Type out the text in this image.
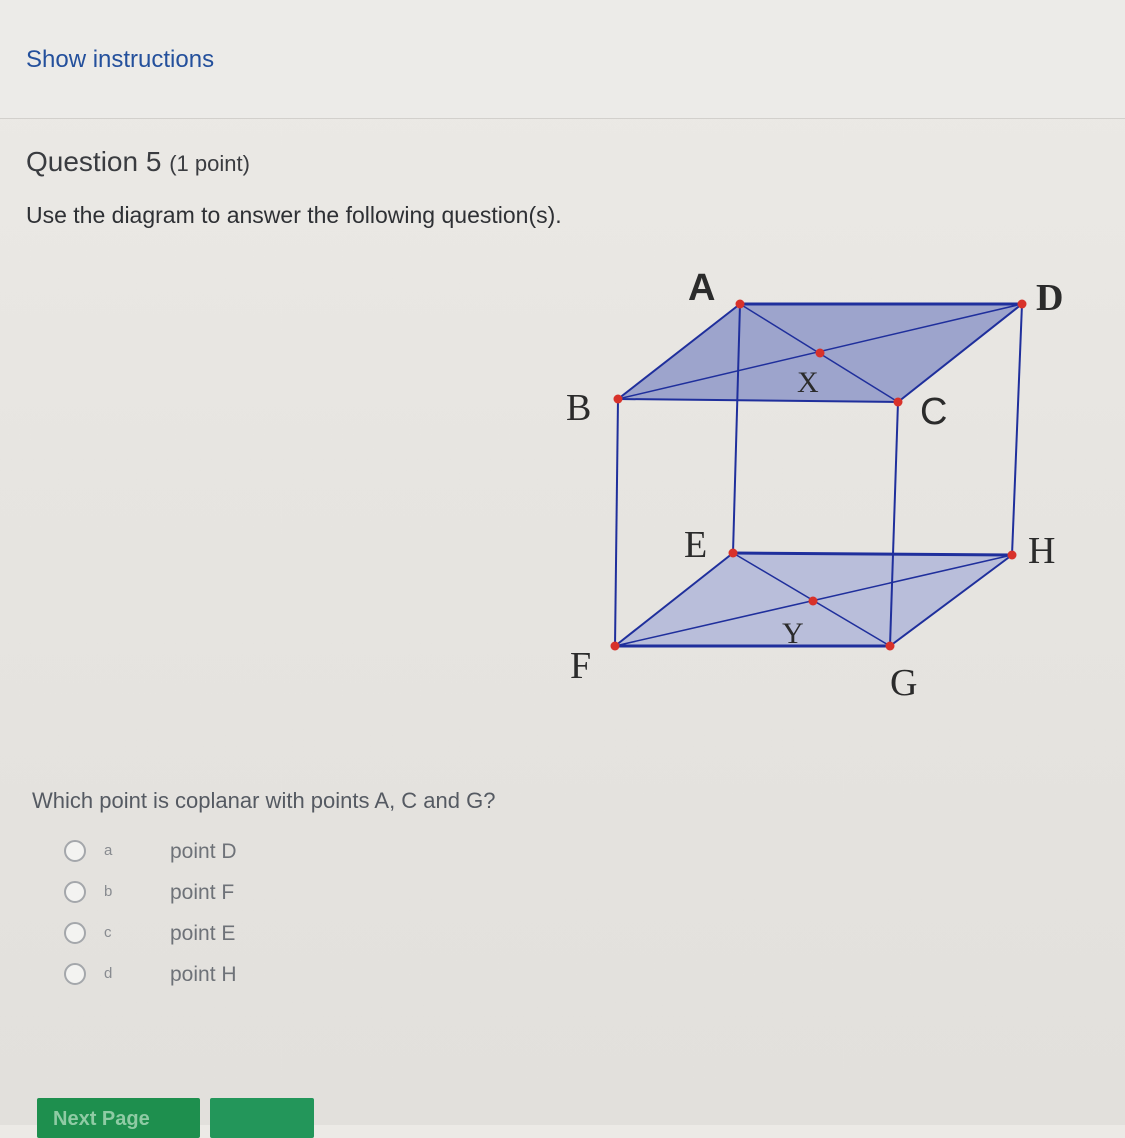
Show instructions
Question 5 (1 point)
Use the diagram to answer the following question(s).
A	D
B	C
X
E	H
F
Y
G
Which point is coplanar with points A, C and G?
a	point D
b	point F
c	point E
d	point H
Next Page
